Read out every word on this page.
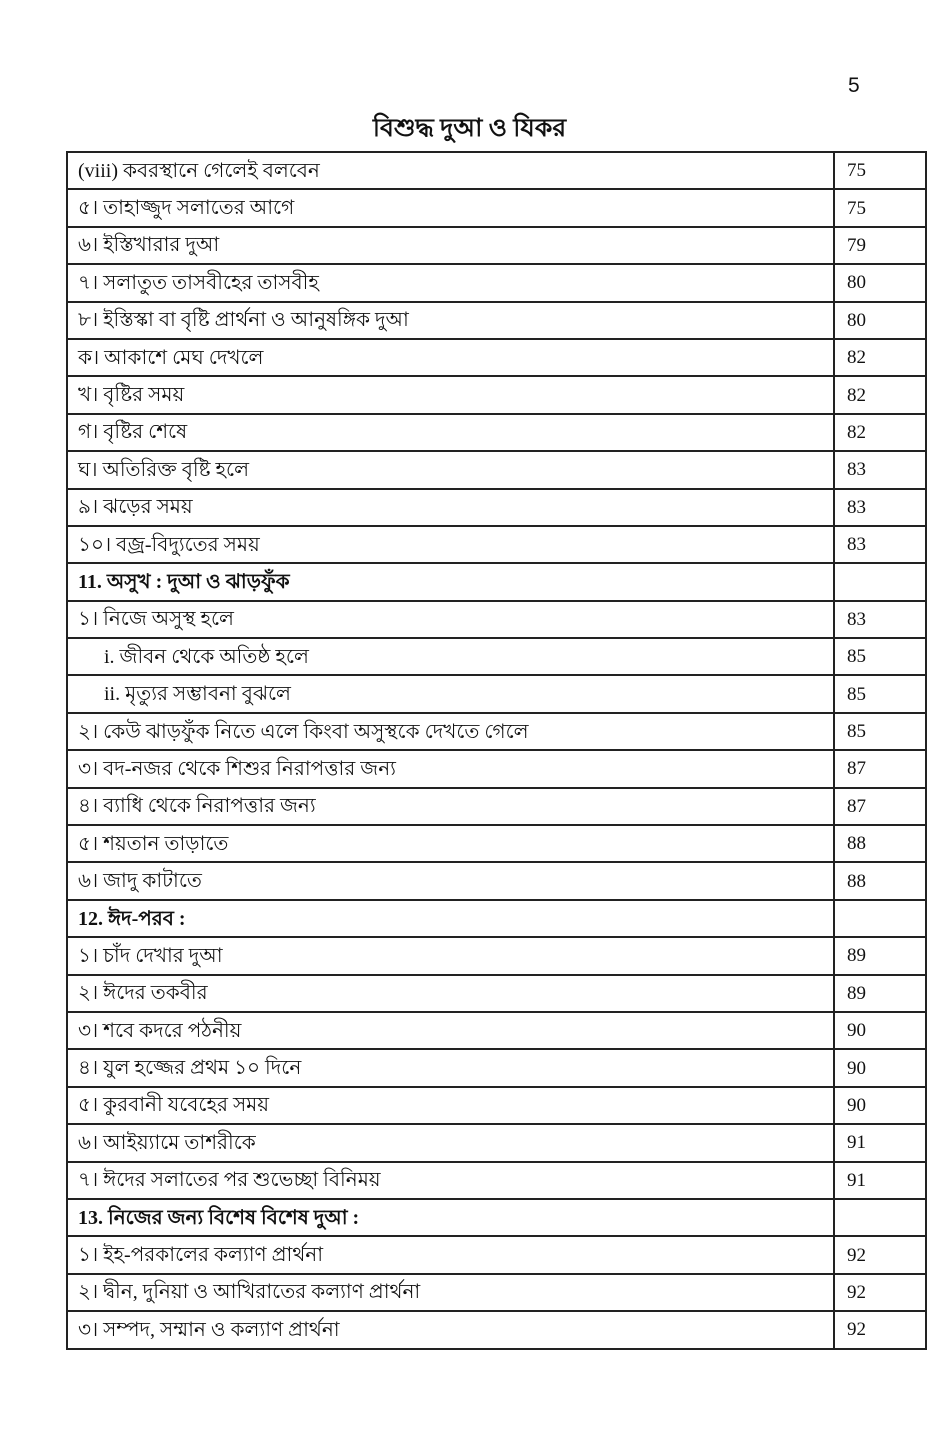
5
বিশুদ্ধ দুআ ও যিকর
(viii) কবরস্থানে গেলেই বলবেন	75
৫। তাহাজ্জুদ সলাতের আগে	75
৬। ইস্তিখারার দুআ	79
৭। সলাতুত তাসবীহের তাসবীহ	80
৮। ইস্তিস্কা বা বৃষ্টি প্রার্থনা ও আনুষঙ্গিক দুআ	80
ক। আকাশে মেঘ দেখলে	82
খ। বৃষ্টির সময়	82
গ। বৃষ্টির শেষে	82
ঘ। অতিরিক্ত বৃষ্টি হলে	83
৯। ঝড়ের সময়	83
১০। বজ্র-বিদ্যুতের সময়	83
11. অসুখ : দুআ ও ঝাড়ফুঁক	
১। নিজে অসুস্থ হলে	83
i. জীবন থেকে অতিষ্ঠ হলে	85
ii. মৃত্যুর সম্ভাবনা বুঝলে	85
২। কেউ ঝাড়ফুঁক নিতে এলে কিংবা অসুস্থকে দেখতে গেলে	85
৩। বদ-নজর থেকে শিশুর নিরাপত্তার জন্য	87
৪। ব্যাধি থেকে নিরাপত্তার জন্য	87
৫। শয়তান তাড়াতে	88
৬। জাদু কাটাতে	88
12. ঈদ-পরব :	
১। চাঁদ দেখার দুআ	89
২। ঈদের তকবীর	89
৩। শবে কদরে পঠনীয়	90
৪। যুল হজ্জের প্রথম ১০ দিনে	90
৫। কুরবানী যবেহের সময়	90
৬। আইয়্যামে তাশরীকে	91
৭। ঈদের সলাতের পর শুভেচ্ছা বিনিময়	91
13. নিজের জন্য বিশেষ বিশেষ দুআ :	
১। ইহ-পরকালের কল্যাণ প্রার্থনা	92
২। দ্বীন, দুনিয়া ও আখিরাতের কল্যাণ প্রার্থনা	92
৩। সম্পদ, সম্মান ও কল্যাণ প্রার্থনা	92
